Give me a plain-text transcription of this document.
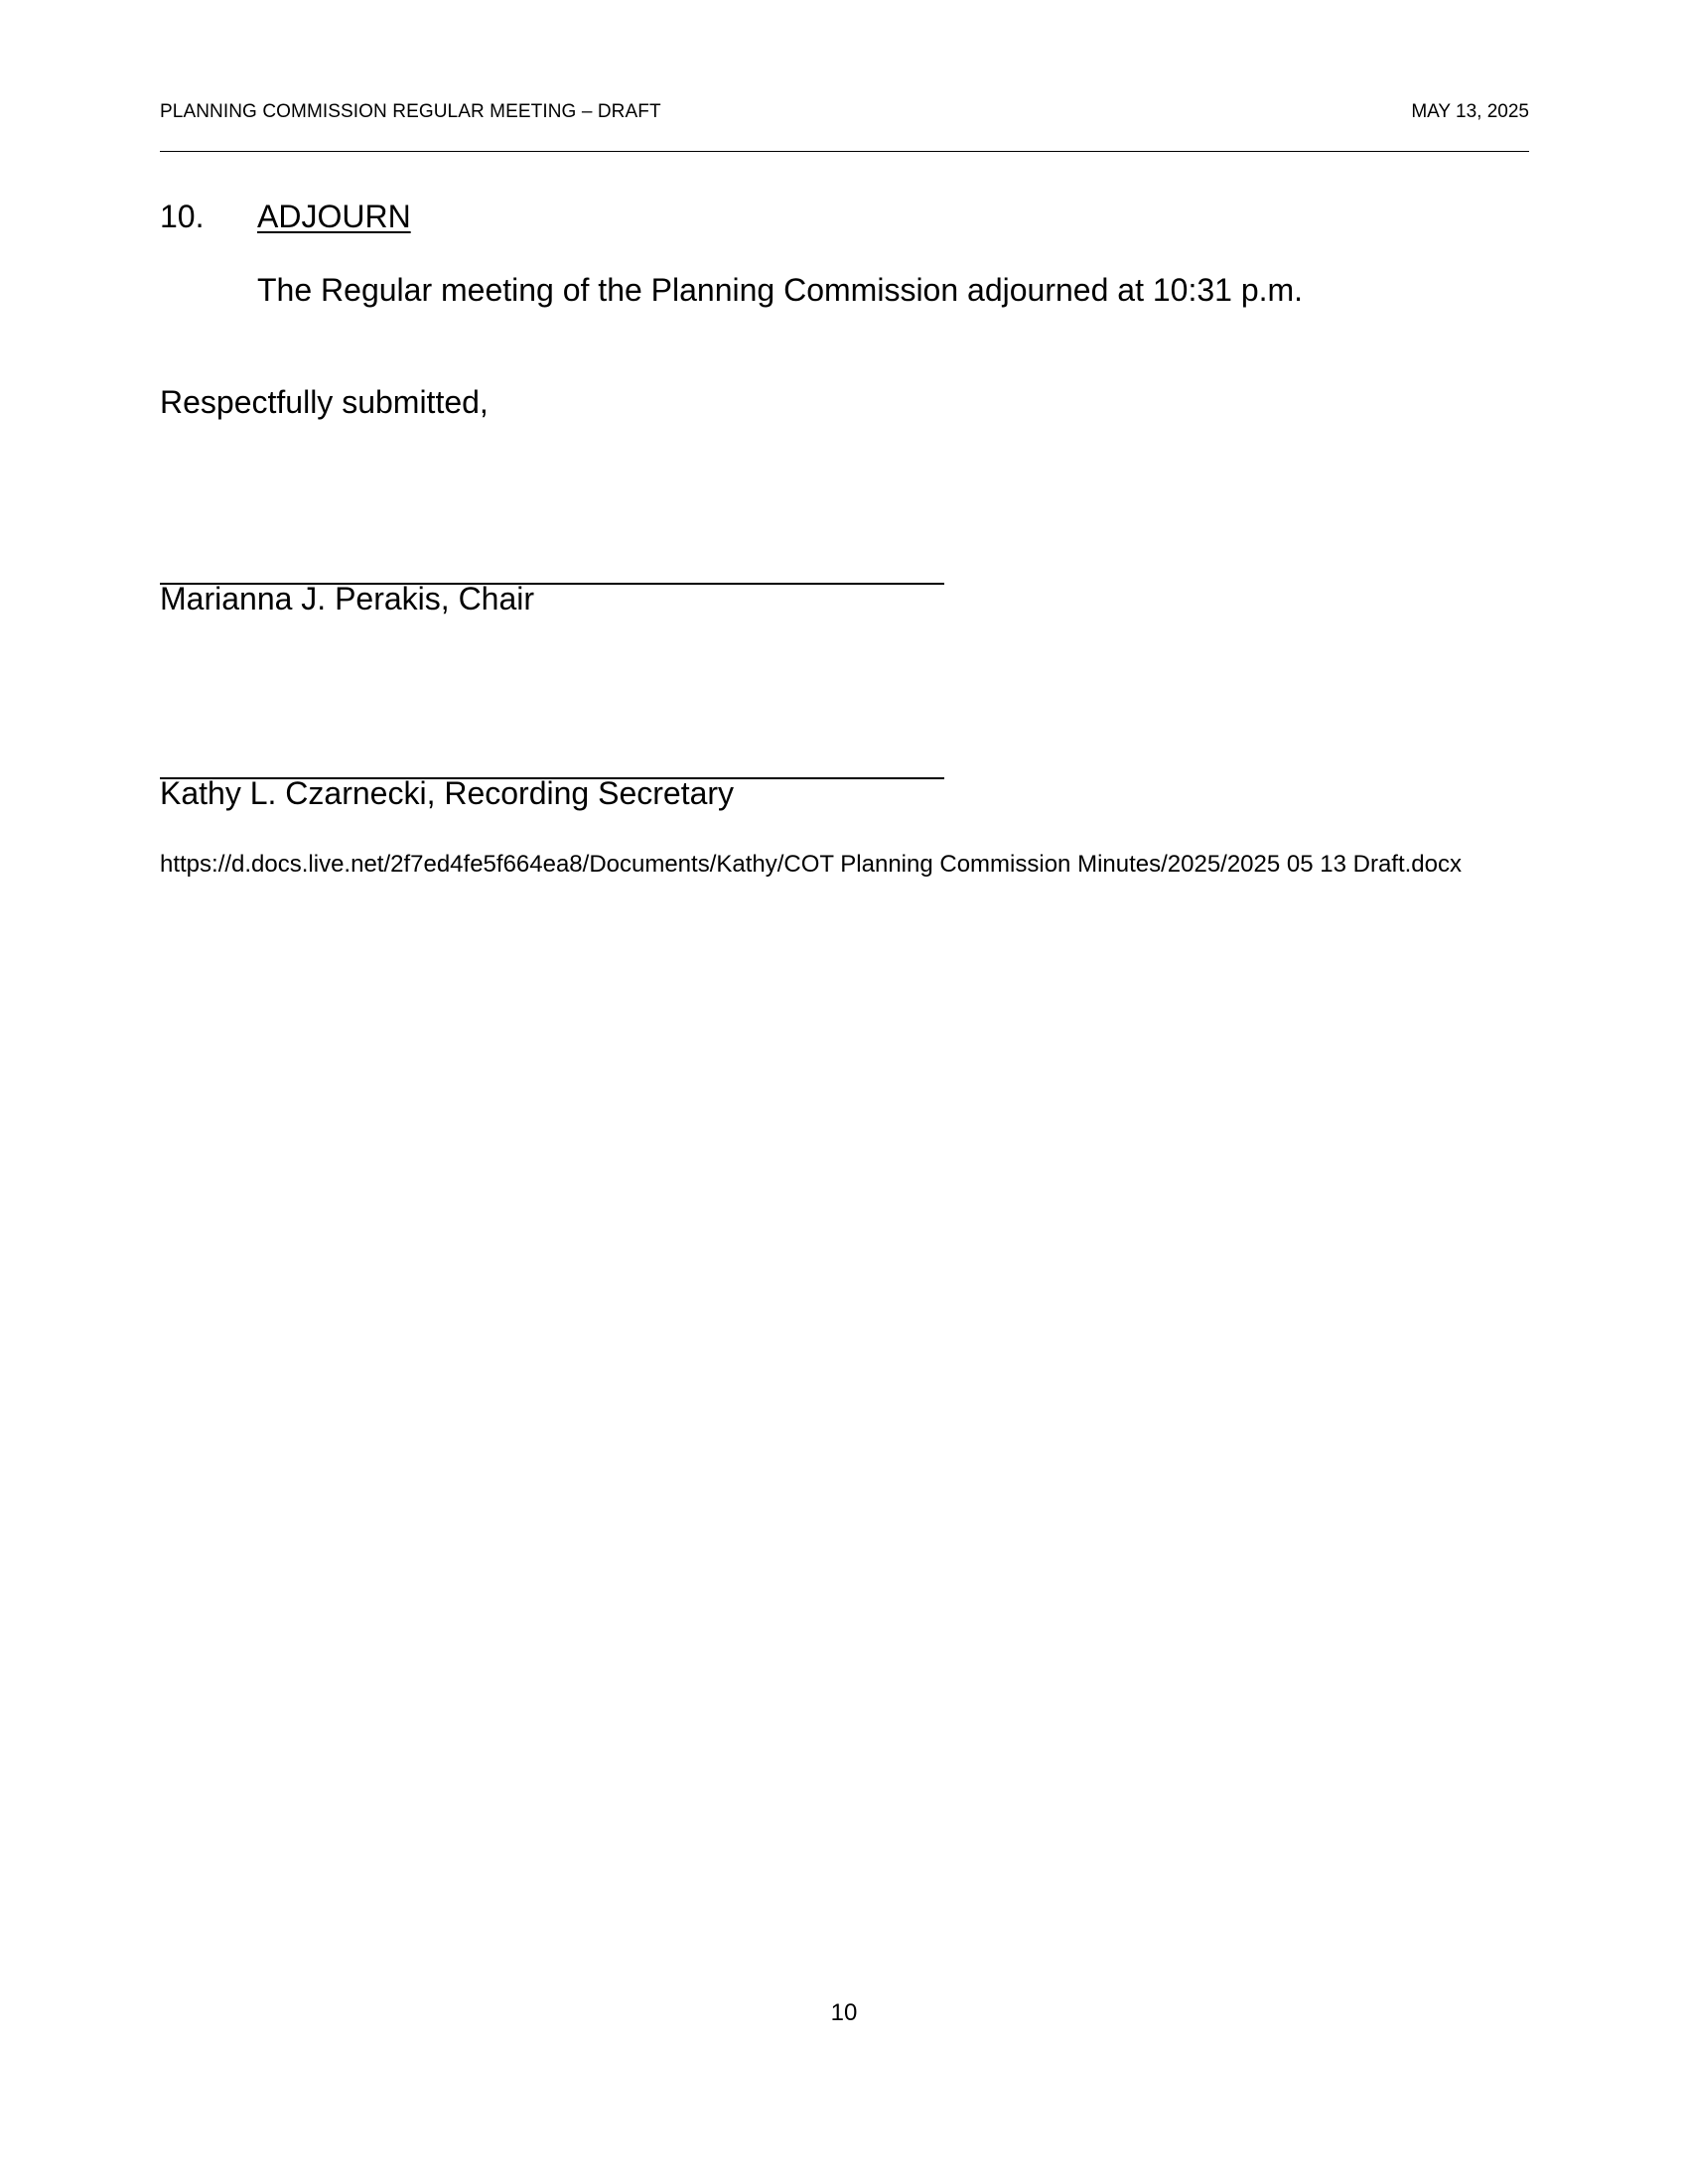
PLANNING COMMISSION REGULAR MEETING – DRAFT	MAY 13, 2025
10. ADJOURN
The Regular meeting of the Planning Commission adjourned at 10:31 p.m.
Respectfully submitted,
Marianna J. Perakis, Chair
Kathy L. Czarnecki, Recording Secretary
https://d.docs.live.net/2f7ed4fe5f664ea8/Documents/Kathy/COT Planning Commission Minutes/2025/2025 05 13 Draft.docx
10
